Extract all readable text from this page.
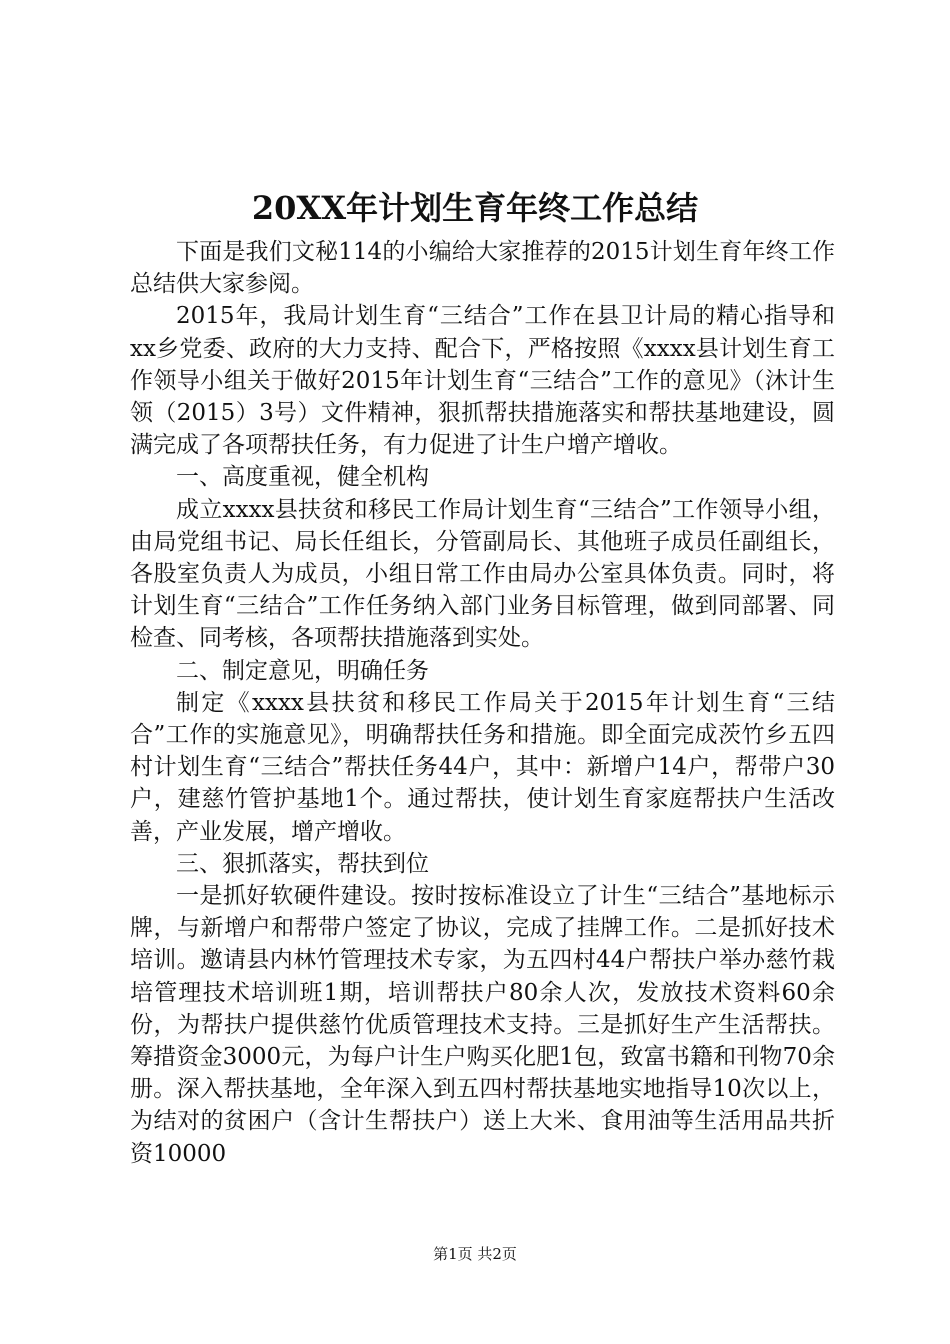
20XX年计划生育年终工作总结

下面是我们文秘114的小编给大家推荐的2015计划生育年终工作总结供大家参阅。

2015年，我局计划生育“三结合”工作在县卫计局的精心指导和xx乡党委、政府的大力支持、配合下，严格按照《xxxx县计划生育工作领导小组关于做好2015年计划生育“三结合”工作的意见》（沐计生领（2015）3号）文件精神，狠抓帮扶措施落实和帮扶基地建设，圆满完成了各项帮扶任务，有力促进了计生户增产增收。

一、高度重视，健全机构

成立xxxx县扶贫和移民工作局计划生育“三结合”工作领导小组，由局党组书记、局长任组长，分管副局长、其他班子成员任副组长，各股室负责人为成员，小组日常工作由局办公室具体负责。同时，将计划生育“三结合”工作任务纳入部门业务目标管理，做到同部署、同检查、同考核，各项帮扶措施落到实处。

二、制定意见，明确任务

制定《xxxx县扶贫和移民工作局关于2015年计划生育“三结合”工作的实施意见》，明确帮扶任务和措施。即全面完成茨竹乡五四村计划生育“三结合”帮扶任务44户，其中：新增户14户，帮带户30户，建慈竹管护基地1个。通过帮扶，使计划生育家庭帮扶户生活改善，产业发展，增产增收。

三、狠抓落实，帮扶到位

一是抓好软硬件建设。按时按标准设立了计生“三结合”基地标示牌，与新增户和帮带户签定了协议，完成了挂牌工作。二是抓好技术培训。邀请县内林竹管理技术专家，为五四村44户帮扶户举办慈竹栽培管理技术培训班1期，培训帮扶户80余人次，发放技术资料60余份，为帮扶户提供慈竹优质管理技术支持。三是抓好生产生活帮扶。筹措资金3000元，为每户计生户购买化肥1包，致富书籍和刊物70余册。深入帮扶基地，全年深入到五四村帮扶基地实地指导10次以上，为结对的贫困户（含计生帮扶户）送上大米、食用油等生活用品共折资10000

第1页 共2页
